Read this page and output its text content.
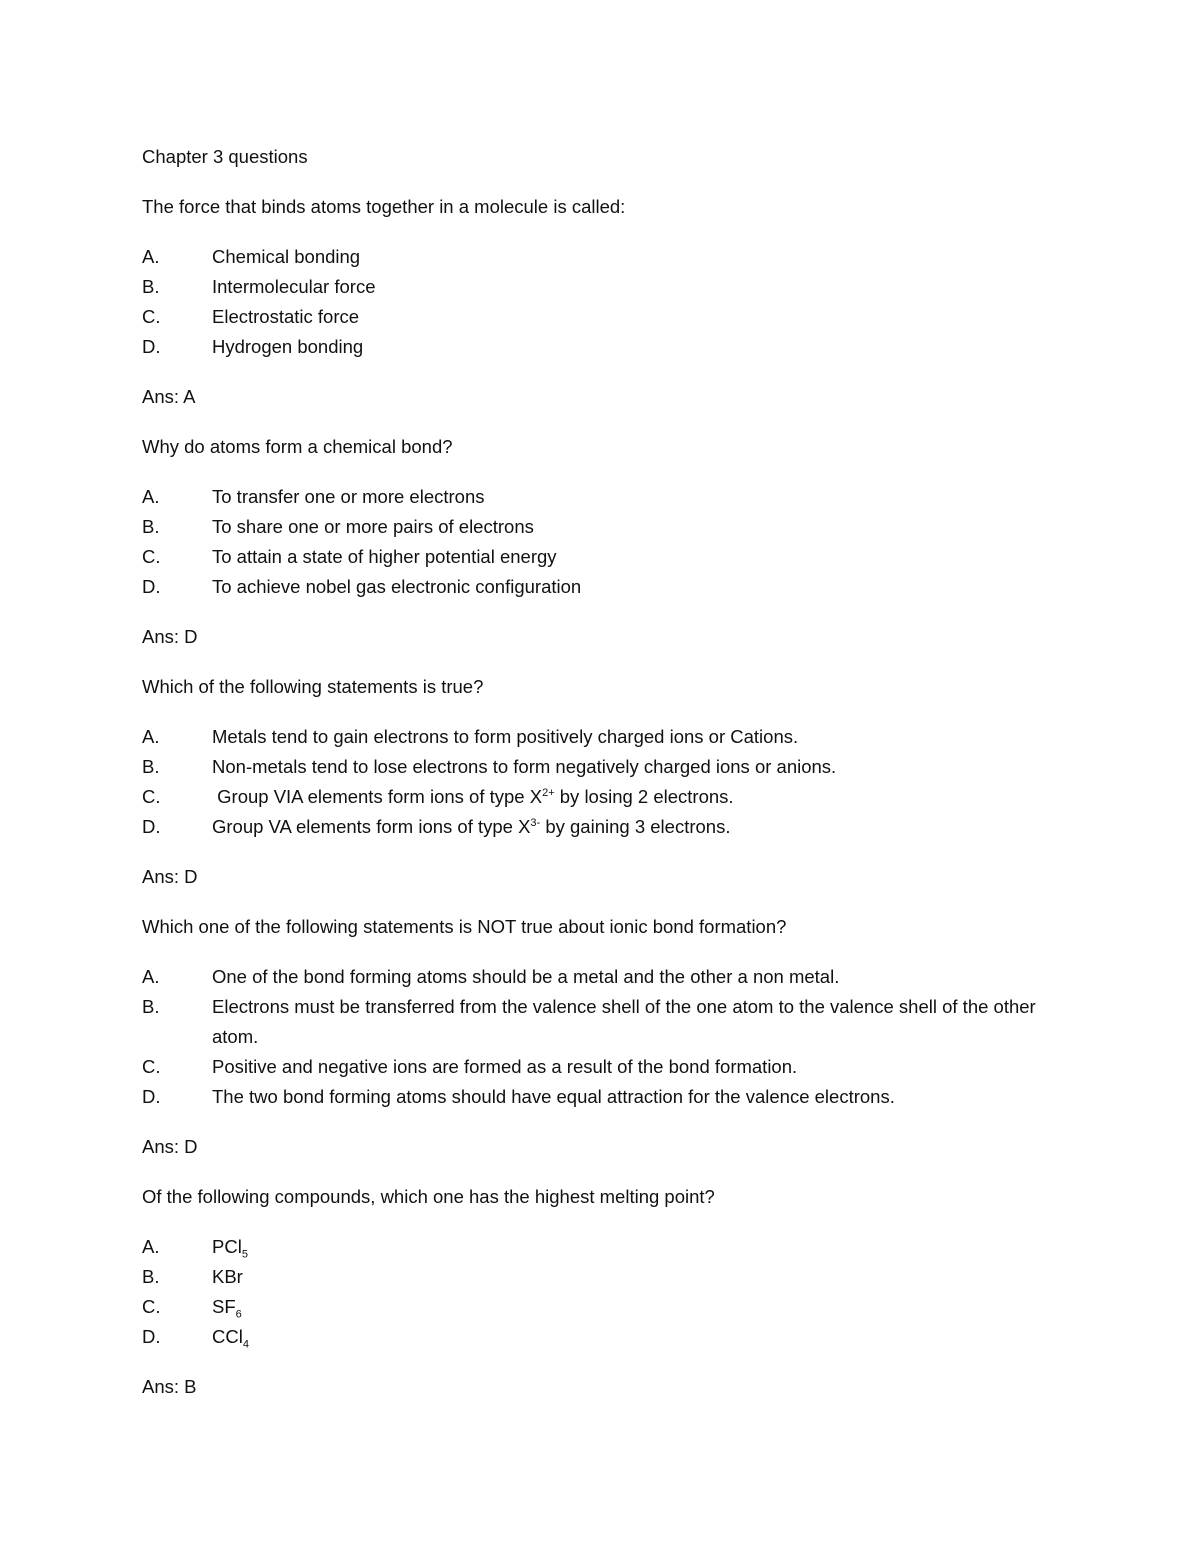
Chapter 3 questions

The force that binds atoms together in a molecule is called:

A.	Chemical bonding
B.	Intermolecular force
C.	Electrostatic force
D.	Hydrogen bonding

Ans: A

Why do atoms form a chemical bond?

A.	To transfer one or more electrons
B.	To share one or more pairs of electrons
C.	To attain a state of higher potential energy
D.	To achieve nobel gas electronic configuration

Ans: D

Which of the following statements is true?

A.	Metals tend to gain electrons to form positively charged ions or Cations.
B.	Non-metals tend to lose electrons to form negatively charged ions or anions.
C.	Group VIA elements form ions of type $X^{2+}$ by losing 2 electrons.
D.	Group VA elements form ions of type $X^{3-}$ by gaining 3 electrons.

Ans: D

Which one of the following statements is NOT true about ionic bond formation?

A.	One of the bond forming atoms should be a metal and the other a non metal.
B.	Electrons must be transferred from the valence shell of the one atom to the valence shell of the other atom.
C.	Positive and negative ions are formed as a result of the bond formation.
D.	The two bond forming atoms should have equal attraction for the valence electrons.

Ans: D

Of the following compounds, which one has the highest melting point?

A.	PCl$_5$
B.	KBr
C.	$SF_6$
D.	CCl$_4$

Ans: B
